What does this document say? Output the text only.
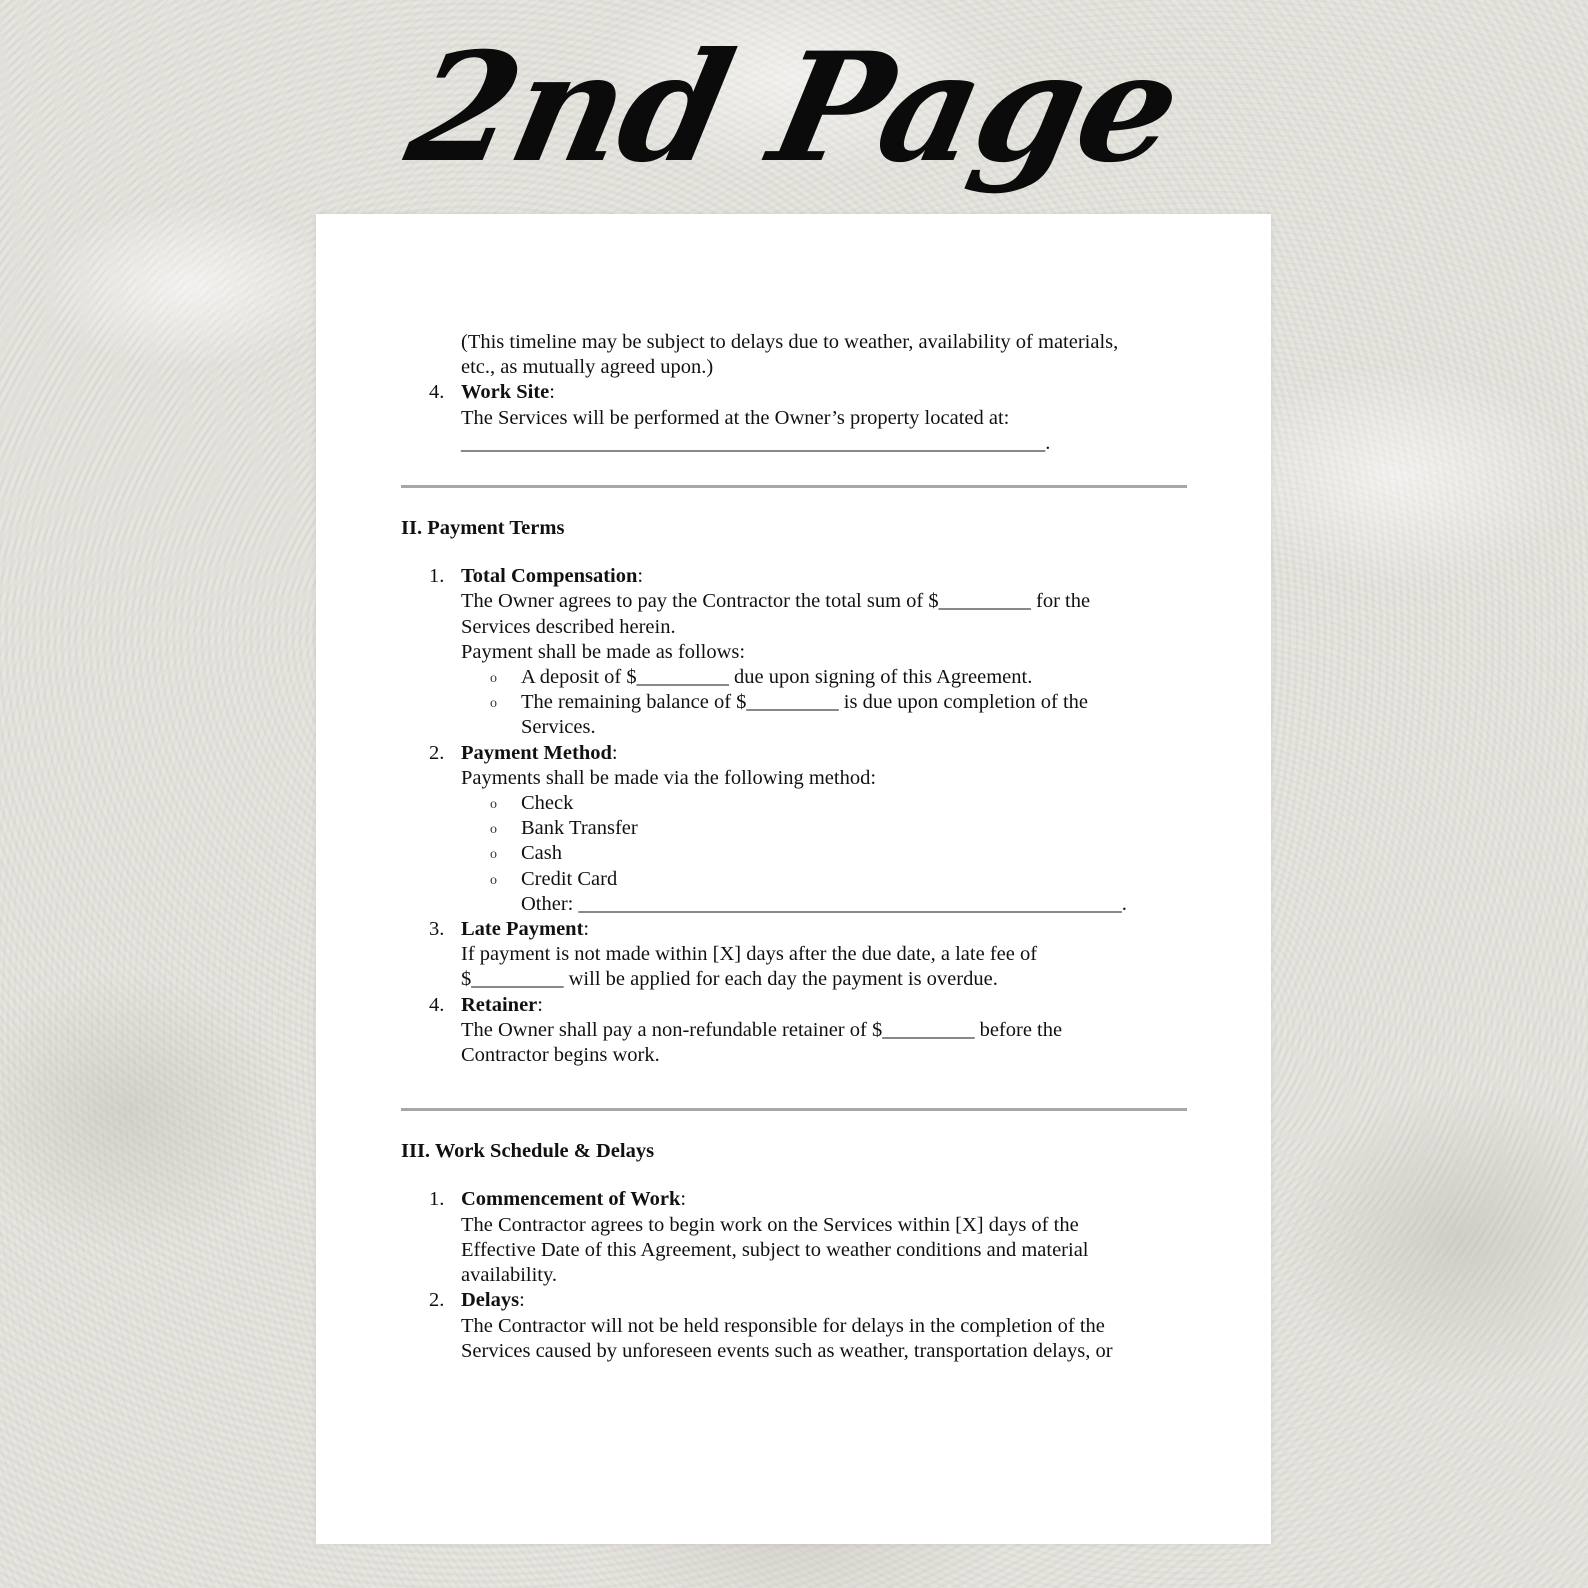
2nd Page

(This timeline may be subject to delays due to weather, availability of materials,

etc., as mutually agreed upon.)

4. Work Site:

The Services will be performed at the Owner’s property located at:

_________________________________________________________.

II. Payment Terms

1. Total Compensation:

The Owner agrees to pay the Contractor the total sum of $_________ for the

Services described herein.

Payment shall be made as follows:

o A deposit of $_________ due upon signing of this Agreement.

o The remaining balance of $_________ is due upon completion of the

Services.

2. Payment Method:

Payments shall be made via the following method:

o Check

o Bank Transfer

o Cash

o Credit Card

Other: _____________________________________________________.

3. Late Payment:

If payment is not made within [X] days after the due date, a late fee of

$_________ will be applied for each day the payment is overdue.

4. Retainer:

The Owner shall pay a non-refundable retainer of $_________ before the

Contractor begins work.

III. Work Schedule & Delays

1. Commencement of Work:

The Contractor agrees to begin work on the Services within [X] days of the

Effective Date of this Agreement, subject to weather conditions and material

availability.

2. Delays:

The Contractor will not be held responsible for delays in the completion of the

Services caused by unforeseen events such as weather, transportation delays, or
